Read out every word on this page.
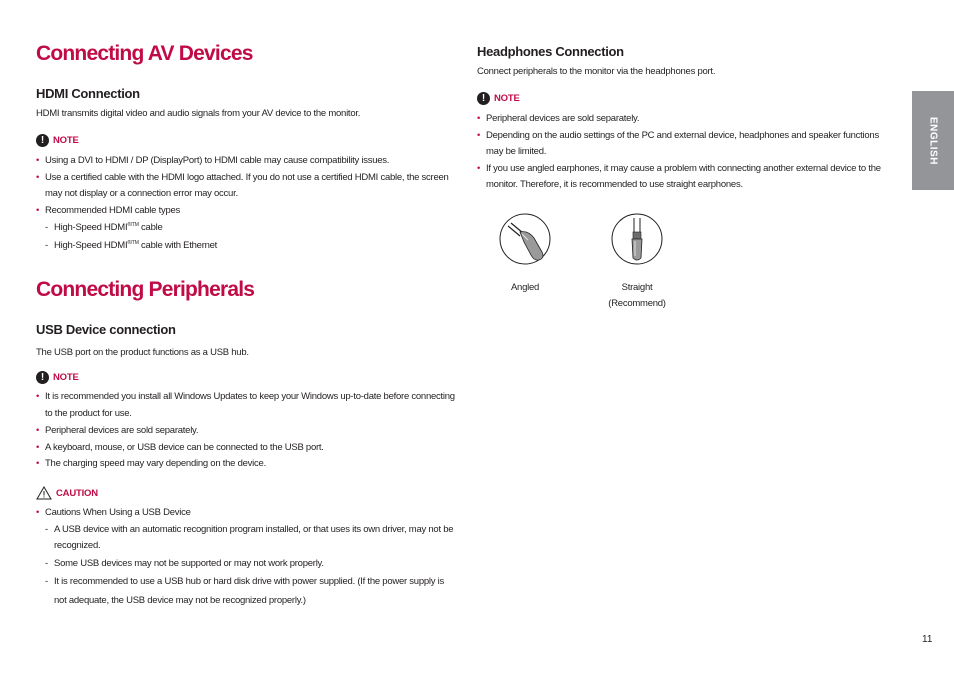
Connecting AV Devices
HDMI Connection

HDMI transmits digital video and audio signals from your AV device to the monitor.

! NOTE
• Using a DVI to HDMI / DP (DisplayPort) to HDMI cable may cause compatibility issues.
• Use a certified cable with the HDMI logo attached. If you do not use a certified HDMI cable, the screen may not display or a connection error may occur.
• Recommended HDMI cable types
- High-Speed $HDMI^{®/TM}$ cable
- High-Speed $HDMI^{®/TM}$ cable with Ethernet
Connecting Peripherals
USB Device connection

The USB port on the product functions as a USB hub.

! NOTE
• It is recommended you install all Windows Updates to keep your Windows up-to-date before connecting to the product for use.
• Peripheral devices are sold separately.
• A keyboard, mouse, or USB device can be connected to the USB port.
• The charging speed may vary depending on the device.
CAUTION
• Cautions When Using a USB Device
- A USB device with an automatic recognition program installed, or that uses its own driver, may not be recognized.
- Some USB devices may not be supported or may not work properly.
- It is recommended to use a USB hub or hard disk drive with power supplied. (If the power supply is not adequate, the USB device may not be recognized properly.)
Headphones Connection

Connect peripherals to the monitor via the headphones port.

! NOTE
• Peripheral devices are sold separately.
• Depending on the audio settings of the PC and external device, headphones and speaker functions may be limited.
• If you use angled earphones, it may cause a problem with connecting another external device to the monitor. Therefore, it is recommended to use straight earphones.
Angled	Straight
(Recommend)
ENGLISH
11
